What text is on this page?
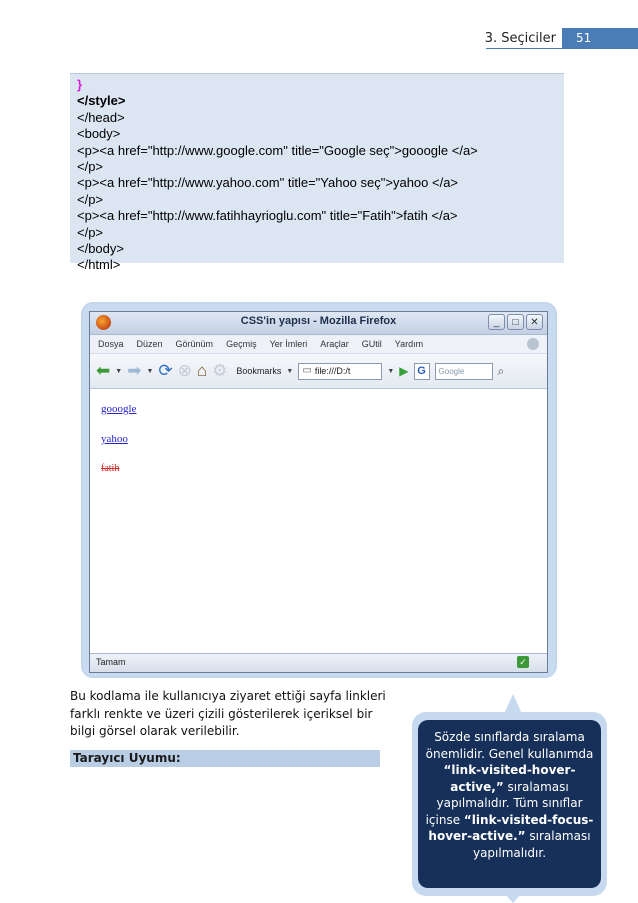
3. Seçiciler	51
}
</style>
</head>
<body>
<p><a href="http://www.google.com" title="Google seç">gooogle </a>
</p>
<p><a href="http://www.yahoo.com" title="Yahoo seç">yahoo </a>
</p>
<p><a href="http://www.fatihhayrioglu.com" title="Fatih">fatih </a>
</p>
</body>
</html>
CSS'in yapısı - Mozilla Firefox	_	□	✕
Dosya Düzen Görünüm Geçmiş Yer İmleri Araçlar GUtil Yardım
⬅ ▼ ➡ ▼ ⟳ ⊗ ⌂ ⚙ Bookmarks ▼ ▭ file:///D:/t	▼ ▶ G	Google	⌕
gooogle
yahoo
fatih
Tamam	✓
Bu kodlama ile kullanıcıya ziyaret ettiği sayfa linkleri farklı renkte ve üzeri çizili gösterilerek içeriksel bir bilgi görsel olarak verilebilir.
Tarayıcı Uyumu:
Sözde sınıflarda sıralama önemlidir. Genel kullanımda “link-visited-hover-active,” sıralaması yapılmalıdır. Tüm sınıflar içinse “link-visited-focus-hover-active.” sıralaması yapılmalıdır.
